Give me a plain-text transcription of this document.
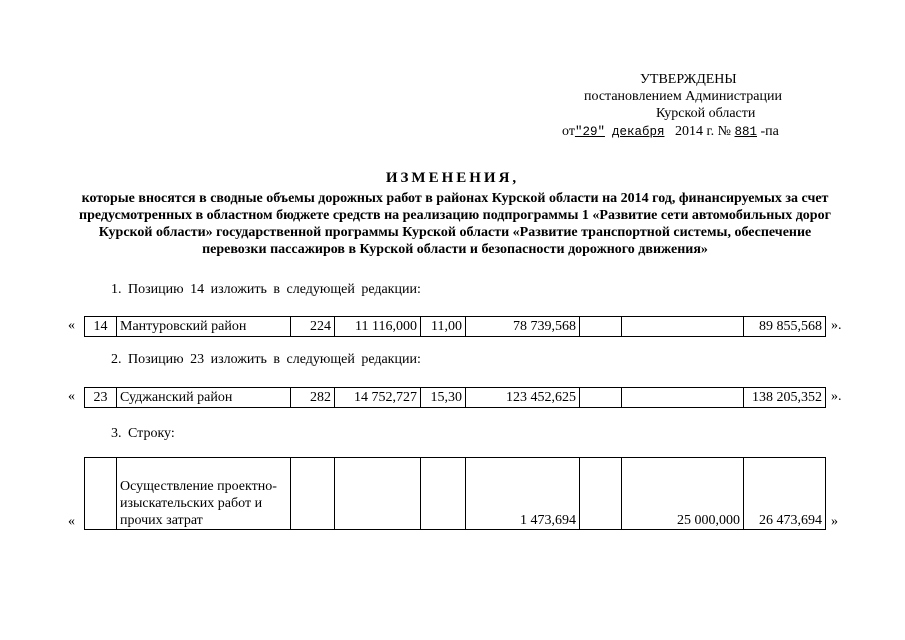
УТВЕРЖДЕНЫ
постановлением Администрации
Курской области
от"29" декабря 2014 г. № 881 -па
ИЗМЕНЕНИЯ,
которые вносятся в сводные объемы дорожных работ в районах Курской области на 2014 год, финансируемых за счет предусмотренных в областном бюджете средств на реализацию подпрограммы 1 «Развитие сети автомобильных дорог Курской области» государственной программы Курской области «Развитие транспортной системы, обеспечение перевозки пассажиров в Курской области и безопасности дорожного движения»
1. Позицию 14 изложить в следующей редакции:
« 14	Мантуровский район	224	11 116,000	11,00	78 739,568			89 855,568 ».
2. Позицию 23 изложить в следующей редакции:
« 23	Суджанский район	282	14 752,727	15,30	123 452,625			138 205,352 ».
3. Строку:
«
	Осуществление проектно-изыскательских работ и прочих затрат				1 473,694		25 000,000	26 473,694 »
